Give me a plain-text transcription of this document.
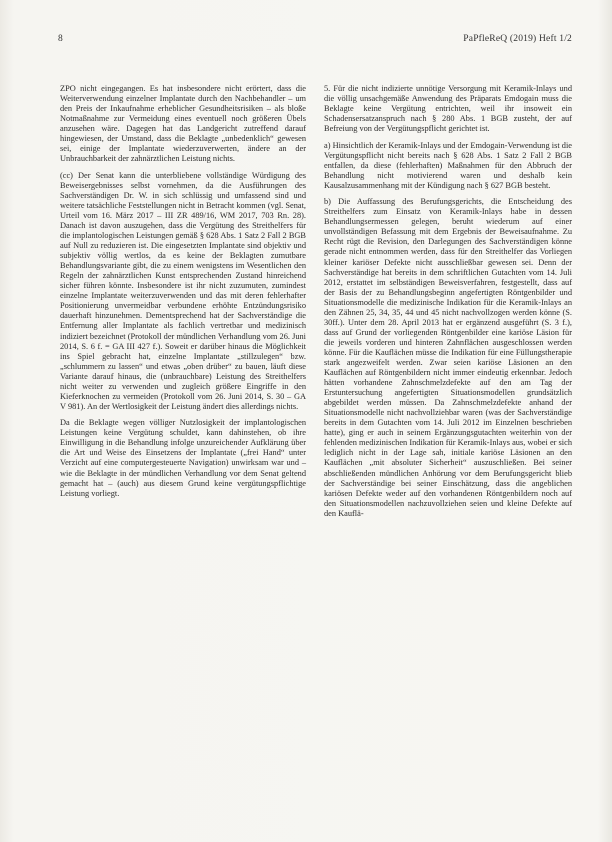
8	PaPfleReQ (2019) Heft 1/2

ZPO nicht eingegangen. Es hat insbesondere nicht erörtert, dass die Weiterverwendung einzelner Implantate durch den Nachbehandler – um den Preis der Inkaufnahme erheblicher Gesundheitsrisiken – als bloße Notmaßnahme zur Vermeidung eines eventuell noch größeren Übels anzusehen wäre. Dagegen hat das Landgericht zutreffend darauf hingewiesen, der Umstand, dass die Beklagte „unbedenklich“ gewesen sei, einige der Implantate wiederzuverwerten, ändere an der Unbrauchbarkeit der zahnärztlichen Leistung nichts.

(cc) Der Senat kann die unterbliebene vollständige Würdigung des Beweisergebnisses selbst vornehmen, da die Ausführungen des Sachverständigen Dr. W. in sich schlüssig und umfassend sind und weitere tatsächliche Feststellungen nicht in Betracht kommen (vgl. Senat, Urteil vom 16. März 2017 – III ZR 489/16, WM 2017, 703 Rn. 28). Danach ist davon auszugehen, dass die Vergütung des Streithelfers für die implantologischen Leistungen gemäß § 628 Abs. 1 Satz 2 Fall 2 BGB auf Null zu reduzieren ist. Die eingesetzten Implantate sind objektiv und subjektiv völlig wertlos, da es keine der Beklagten zumutbare Behandlungsvariante gibt, die zu einem wenigstens im Wesentlichen den Regeln der zahnärztlichen Kunst entsprechenden Zustand hinreichend sicher führen könnte. Insbesondere ist ihr nicht zuzumuten, zumindest einzelne Implantate weiterzuverwenden und das mit deren fehlerhafter Positionierung unvermeidbar verbundene erhöhte Entzündungsrisiko dauerhaft hinzunehmen. Dementsprechend hat der Sachverständige die Entfernung aller Implantate als fachlich vertretbar und medizinisch indiziert bezeichnet (Protokoll der mündlichen Verhandlung vom 26. Juni 2014, S. 6 f. = GA III 427 f.). Soweit er darüber hinaus die Möglichkeit ins Spiel gebracht hat, einzelne Implantate „stillzulegen“ bzw. „schlummern zu lassen“ und etwas „oben drüber“ zu bauen, läuft diese Variante darauf hinaus, die (unbrauchbare) Leistung des Streithelfers nicht weiter zu verwenden und zugleich größere Eingriffe in den Kieferknochen zu vermeiden (Protokoll vom 26. Juni 2014, S. 30 – GA V 981). An der Wertlosigkeit der Leistung ändert dies allerdings nichts.

Da die Beklagte wegen völliger Nutzlosigkeit der implantologischen Leistungen keine Vergütung schuldet, kann dahinstehen, ob ihre Einwilligung in die Behandlung infolge unzureichender Aufklärung über die Art und Weise des Einsetzens der Implantate („frei Hand“ unter Verzicht auf eine computergesteuerte Navigation) unwirksam war und – wie die Beklagte in der mündlichen Verhandlung vor dem Senat geltend gemacht hat – (auch) aus diesem Grund keine vergütungspflichtige Leistung vorliegt.

5. Für die nicht indizierte unnötige Versorgung mit Keramik-Inlays und die völlig unsachgemäße Anwendung des Präparats Emdogain muss die Beklagte keine Vergütung entrichten, weil ihr insoweit ein Schadensersatzanspruch nach § 280 Abs. 1 BGB zusteht, der auf Befreiung von der Vergütungspflicht gerichtet ist.

a) Hinsichtlich der Keramik-Inlays und der Emdogain-Verwendung ist die Vergütungspflicht nicht bereits nach § 628 Abs. 1 Satz 2 Fall 2 BGB entfallen, da diese (fehlerhaften) Maßnahmen für den Abbruch der Behandlung nicht motivierend waren und deshalb kein Kausalzusammenhang mit der Kündigung nach § 627 BGB besteht.

b) Die Auffassung des Berufungsgerichts, die Entscheidung des Streithelfers zum Einsatz von Keramik-Inlays habe in dessen Behandlungsermessen gelegen, beruht wiederum auf einer unvollständigen Befassung mit dem Ergebnis der Beweisaufnahme. Zu Recht rügt die Revision, den Darlegungen des Sachverständigen könne gerade nicht entnommen werden, dass für den Streithelfer das Vorliegen kleiner kariöser Defekte nicht ausschließbar gewesen sei. Denn der Sachverständige hat bereits in dem schriftlichen Gutachten vom 14. Juli 2012, erstattet im selbständigen Beweisverfahren, festgestellt, dass auf der Basis der zu Behandlungsbeginn angefertigten Röntgenbilder und Situationsmodelle die medizinische Indikation für die Keramik-Inlays an den Zähnen 25, 34, 35, 44 und 45 nicht nachvollzogen werden könne (S. 30ff.). Unter dem 28. April 2013 hat er ergänzend ausgeführt (S. 3 f.), dass auf Grund der vorliegenden Röntgenbilder eine kariöse Läsion für die jeweils vorderen und hinteren Zahnflächen ausgeschlossen werden könne. Für die Kauflächen müsse die Indikation für eine Füllungstherapie stark angezweifelt werden. Zwar seien kariöse Läsionen an den Kauflächen auf Röntgenbildern nicht immer eindeutig erkennbar. Jedoch hätten vorhandene Zahnschmelzdefekte auf den am Tag der Erstuntersuchung angefertigten Situationsmodellen grundsätzlich abgebildet werden müssen. Da Zahnschmelzdefekte anhand der Situationsmodelle nicht nachvollziehbar waren (was der Sachverständige bereits in dem Gutachten vom 14. Juli 2012 im Einzelnen beschrieben hatte), ging er auch in seinem Ergänzungsgutachten weiterhin von der fehlenden medizinischen Indikation für Keramik-Inlays aus, wobei er sich lediglich nicht in der Lage sah, initiale kariöse Läsionen an den Kauflächen „mit absoluter Sicherheit“ auszuschließen. Bei seiner abschließenden mündlichen Anhörung vor dem Berufungsgericht blieb der Sachverständige bei seiner Einschätzung, dass die angeblichen kariösen Defekte weder auf den vorhandenen Röntgenbildern noch auf den Situationsmodellen nachzuvollziehen seien und kleine Defekte auf den Kauflä-
